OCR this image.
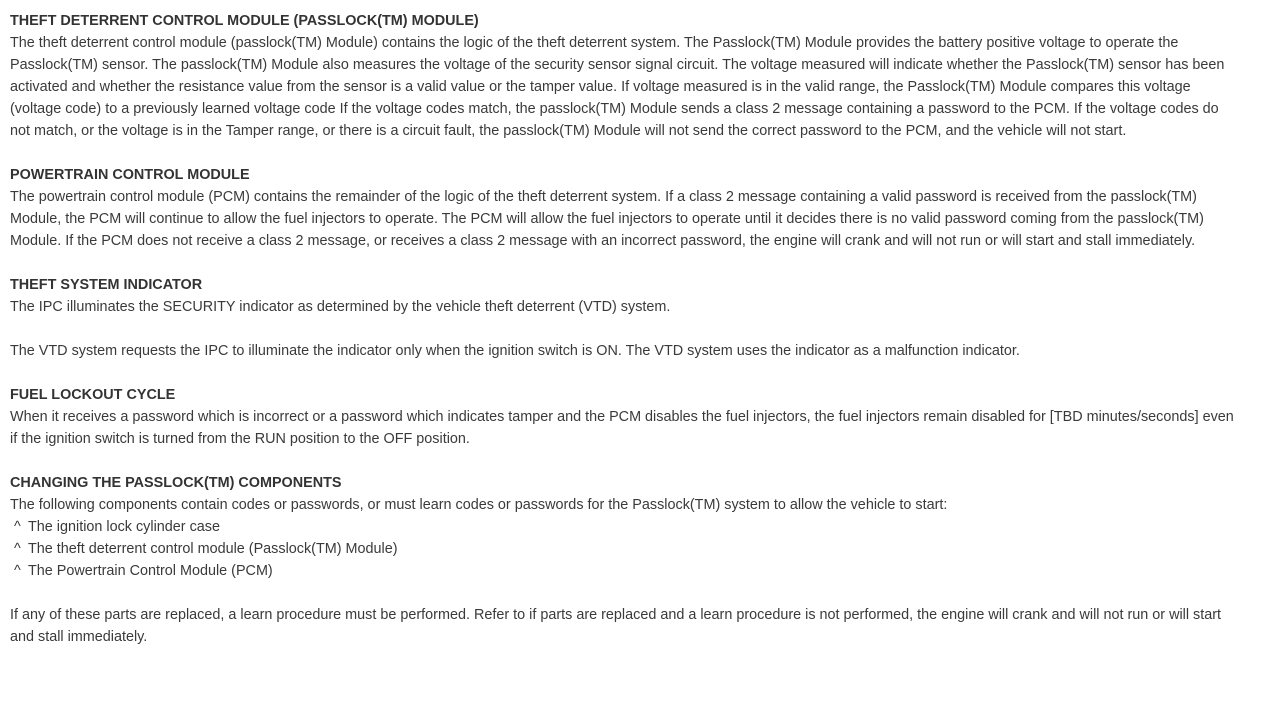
THEFT DETERRENT CONTROL MODULE (PASSLOCK(TM) MODULE)

The theft deterrent control module (passlock(TM) Module) contains the logic of the theft deterrent system. The Passlock(TM) Module provides the battery positive voltage to operate the Passlock(TM) sensor. The passlock(TM) Module also measures the voltage of the security sensor signal circuit. The voltage measured will indicate whether the Passlock(TM) sensor has been activated and whether the resistance value from the sensor is a valid value or the tamper value. If voltage measured is in the valid range, the Passlock(TM) Module compares this voltage (voltage code) to a previously learned voltage code If the voltage codes match, the passlock(TM) Module sends a class 2 message containing a password to the PCM. If the voltage codes do not match, or the voltage is in the Tamper range, or there is a circuit fault, the passlock(TM) Module will not send the correct password to the PCM, and the vehicle will not start.

POWERTRAIN CONTROL MODULE

The powertrain control module (PCM) contains the remainder of the logic of the theft deterrent system. If a class 2 message containing a valid password is received from the passlock(TM) Module, the PCM will continue to allow the fuel injectors to operate. The PCM will allow the fuel injectors to operate until it decides there is no valid password coming from the passlock(TM) Module. If the PCM does not receive a class 2 message, or receives a class 2 message with an incorrect password, the engine will crank and will not run or will start and stall immediately.

THEFT SYSTEM INDICATOR

The IPC illuminates the SECURITY indicator as determined by the vehicle theft deterrent (VTD) system.

The VTD system requests the IPC to illuminate the indicator only when the ignition switch is ON. The VTD system uses the indicator as a malfunction indicator.

FUEL LOCKOUT CYCLE

When it receives a password which is incorrect or a password which indicates tamper and the PCM disables the fuel injectors, the fuel injectors remain disabled for [TBD minutes/seconds] even if the ignition switch is turned from the RUN position to the OFF position.

CHANGING THE PASSLOCK(TM) COMPONENTS

The following components contain codes or passwords, or must learn codes or passwords for the Passlock(TM) system to allow the vehicle to start:

^ The ignition lock cylinder case

^ The theft deterrent control module (Passlock(TM) Module)

^ The Powertrain Control Module (PCM)

If any of these parts are replaced, a learn procedure must be performed. Refer to if parts are replaced and a learn procedure is not performed, the engine will crank and will not run or will start and stall immediately.
